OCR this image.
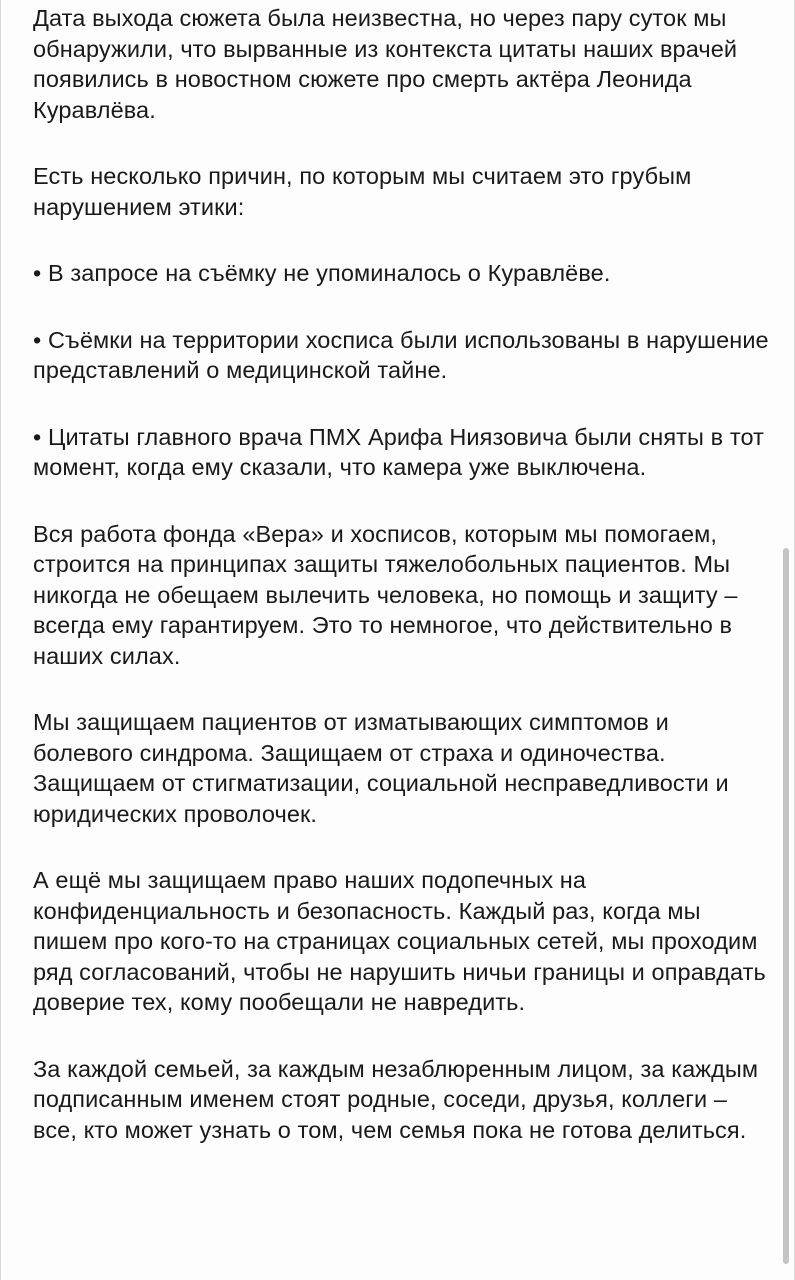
Дата выхода сюжета была неизвестна, но через пару суток мы обнаружили, что вырванные из контекста цитаты наших врачей появились в новостном сюжете про смерть актёра Леонида Куравлёва.

Есть несколько причин, по которым мы считаем это грубым нарушением этики:

• В запросе на съёмку не упоминалось о Куравлёве.

• Съёмки на территории хосписа были использованы в нарушение представлений о медицинской тайне.

• Цитаты главного врача ПМХ Арифа Ниязовича были сняты в тот момент, когда ему сказали, что камера уже выключена.

Вся работа фонда «Вера» и хосписов, которым мы помогаем, строится на принципах защиты тяжелобольных пациентов. Мы никогда не обещаем вылечить человека, но помощь и защиту – всегда ему гарантируем. Это то немногое, что действительно в наших силах.

Мы защищаем пациентов от изматывающих симптомов и болевого синдрома. Защищаем от страха и одиночества. Защищаем от стигматизации, социальной несправедливости и юридических проволочек.

А ещё мы защищаем право наших подопечных на конфиденциальность и безопасность. Каждый раз, когда мы пишем про кого-то на страницах социальных сетей, мы проходим ряд согласований, чтобы не нарушить ничьи границы и оправдать доверие тех, кому пообещали не навредить.

За каждой семьей, за каждым незаблюренным лицом, за каждым подписанным именем стоят родные, соседи, друзья, коллеги – все, кто может узнать о том, чем семья пока не готова делиться.
